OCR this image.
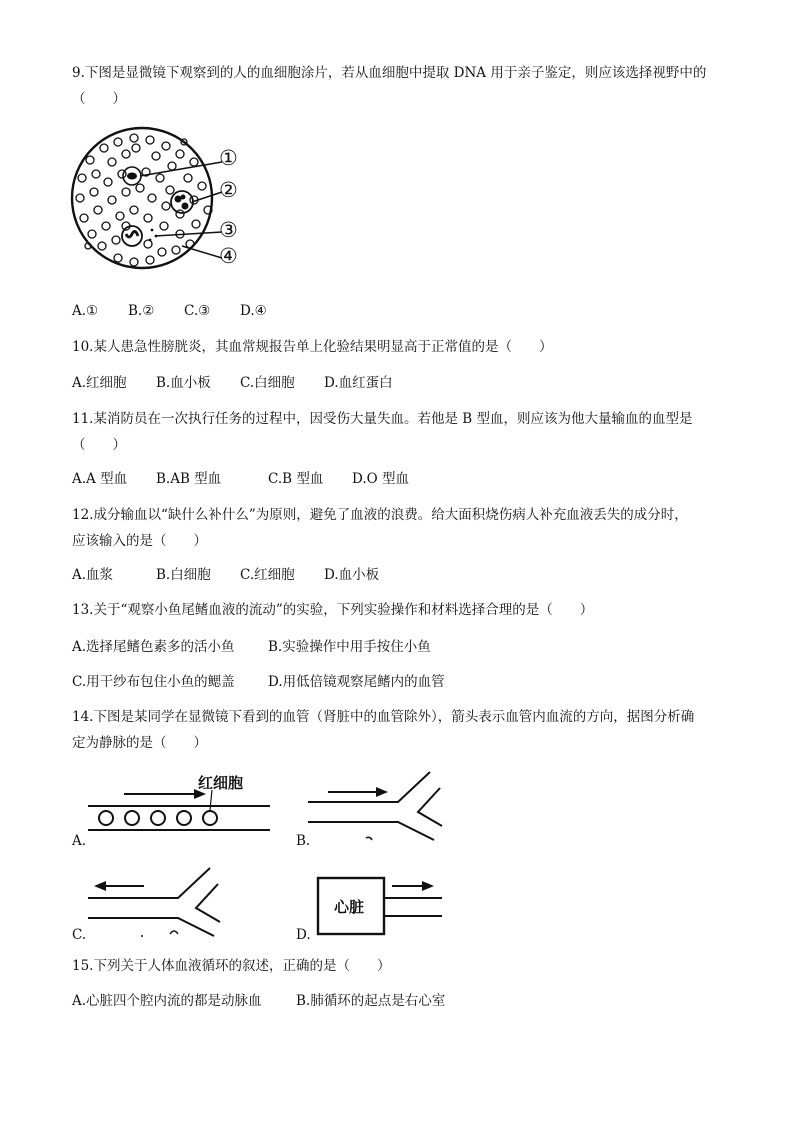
9.下图是显微镜下观察到的人的血细胞涂片，若从血细胞中提取 DNA 用于亲子鉴定，则应该选择视野中的
（　　）
①
②
③
④
A.① B.② C.③ D.④
10.某人患急性膀胱炎，其血常规报告单上化验结果明显高于正常值的是（　　）
A.红细胞 B.血小板 C.白细胞 D.血红蛋白
11.某消防员在一次执行任务的过程中，因受伤大量失血。若他是 B 型血，则应该为他大量输血的血型是
（　　）
A.A 型血 B.AB 型血	C.B 型血 D.O 型血
12.成分输血以“缺什么补什么”为原则，避免了血液的浪费。给大面积烧伤病人补充血液丢失的成分时，
应该输入的是（　　）
A.血浆	B.白细胞 C.红细胞 D.血小板
13.关于“观察小鱼尾鳍血液的流动”的实验，下列实验操作和材料选择合理的是（　　）
A.选择尾鳍色素多的活小鱼 B.实验操作中用手按住小鱼
C.用干纱布包住小鱼的鳃盖 D.用低倍镜观察尾鳍内的血管
14.下图是某同学在显微镜下看到的血管（肾脏中的血管除外），箭头表示血管内血流的方向，据图分析确
定为静脉的是（　　）
红细胞
A.	B.
C.
心脏
D.
15.下列关于人体血液循环的叙述，正确的是（　　）
A.心脏四个腔内流的都是动脉血	B.肺循环的起点是右心室
